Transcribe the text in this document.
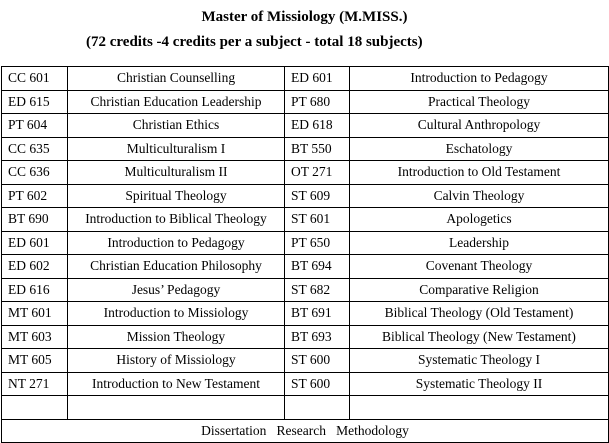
Master of Missiology (M.MISS.)
(72 credits -4 credits per a subject - total 18 subjects)
CC 601	Christian Counselling	ED 601	Introduction to Pedagogy
ED 615	Christian Education Leadership	PT 680	Practical Theology
PT 604	Christian Ethics	ED 618	Cultural Anthropology
CC 635	Multiculturalism I	BT 550	Eschatology
CC 636	Multiculturalism II	OT 271	Introduction to Old Testament
PT 602	Spiritual Theology	ST 609	Calvin Theology
BT 690	Introduction to Biblical Theology	ST 601	Apologetics
ED 601	Introduction to Pedagogy	PT 650	Leadership
ED 602	Christian Education Philosophy	BT 694	Covenant Theology
ED 616	Jesus’ Pedagogy	ST 682	Comparative Religion
MT 601	Introduction to Missiology	BT 691	Biblical Theology (Old Testament)
MT 603	Mission Theology	BT 693	Biblical Theology (New Testament)
MT 605	History of Missiology	ST 600	Systematic Theology I
NT 271	Introduction to New Testament	ST 600	Systematic Theology II

Dissertation   Research   Methodology			
